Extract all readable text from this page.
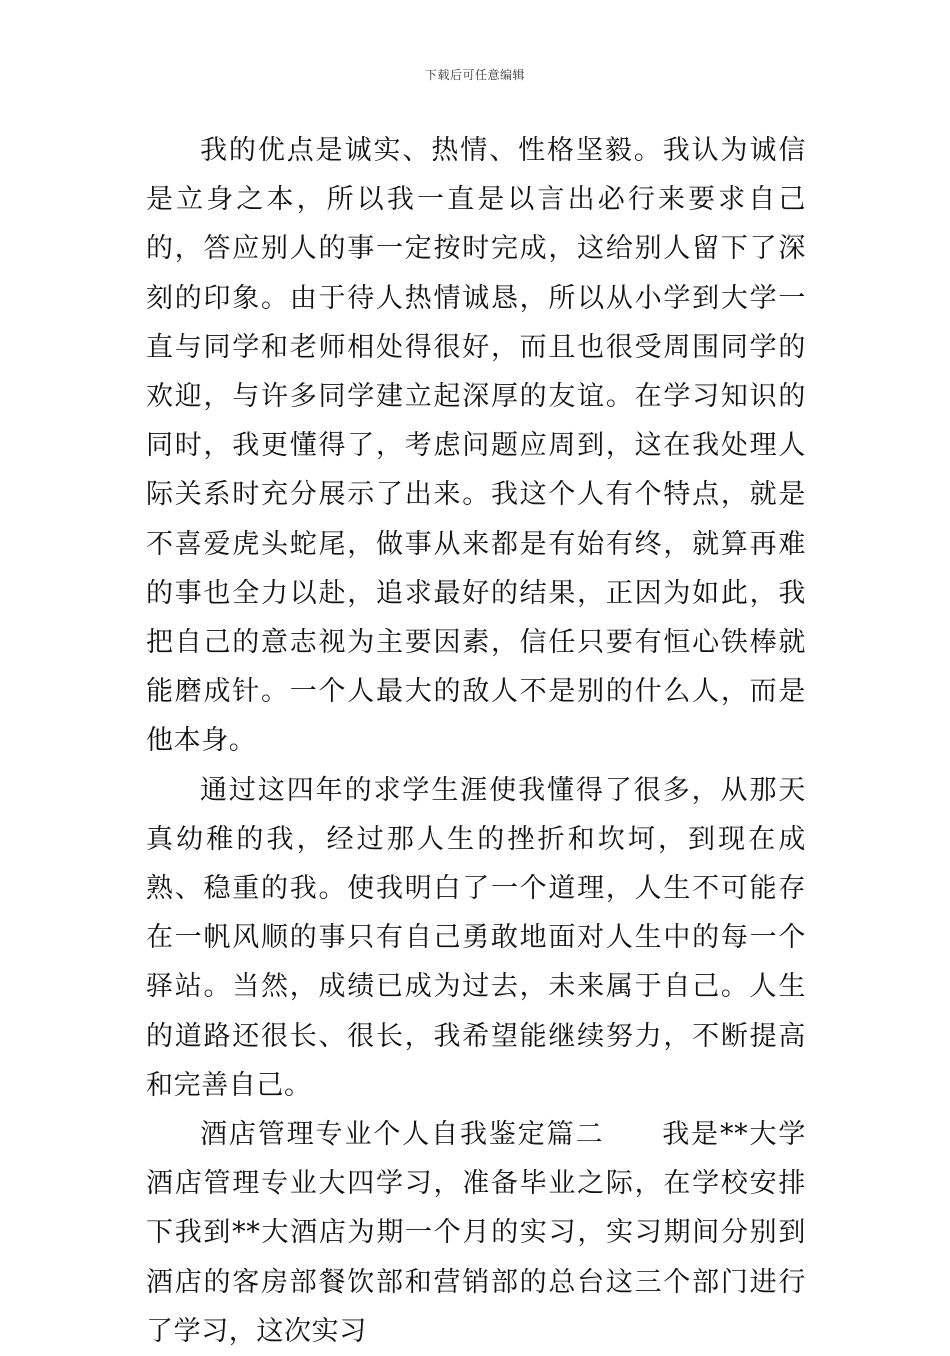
下载后可任意编辑

我的优点是诚实、热情、性格坚毅。我认为诚信是立身之本，所以我一直是以言出必行来要求自己的，答应别人的事一定按时完成，这给别人留下了深刻的印象。由于待人热情诚恳，所以从小学到大学一直与同学和老师相处得很好，而且也很受周围同学的欢迎，与许多同学建立起深厚的友谊。在学习知识的同时，我更懂得了，考虑问题应周到，这在我处理人际关系时充分展示了出来。我这个人有个特点，就是不喜爱虎头蛇尾，做事从来都是有始有终，就算再难的事也全力以赴，追求最好的结果，正因为如此，我把自己的意志视为主要因素，信任只要有恒心铁棒就能磨成针。一个人最大的敌人不是别的什么人，而是他本身。

通过这四年的求学生涯使我懂得了很多，从那天真幼稚的我，经过那人生的挫折和坎坷，到现在成熟、稳重的我。使我明白了一个道理，人生不可能存在一帆风顺的事只有自己勇敢地面对人生中的每一个驿站。当然，成绩已成为过去，未来属于自己。人生的道路还很长、很长，我希望能继续努力，不断提高和完善自己。

酒店管理专业个人自我鉴定篇二　　我是**大学酒店管理专业大四学习，准备毕业之际，在学校安排下我到**大酒店为期一个月的实习，实习期间分别到酒店的客房部餐饮部和营销部的总台这三个部门进行了学习，这次实习
